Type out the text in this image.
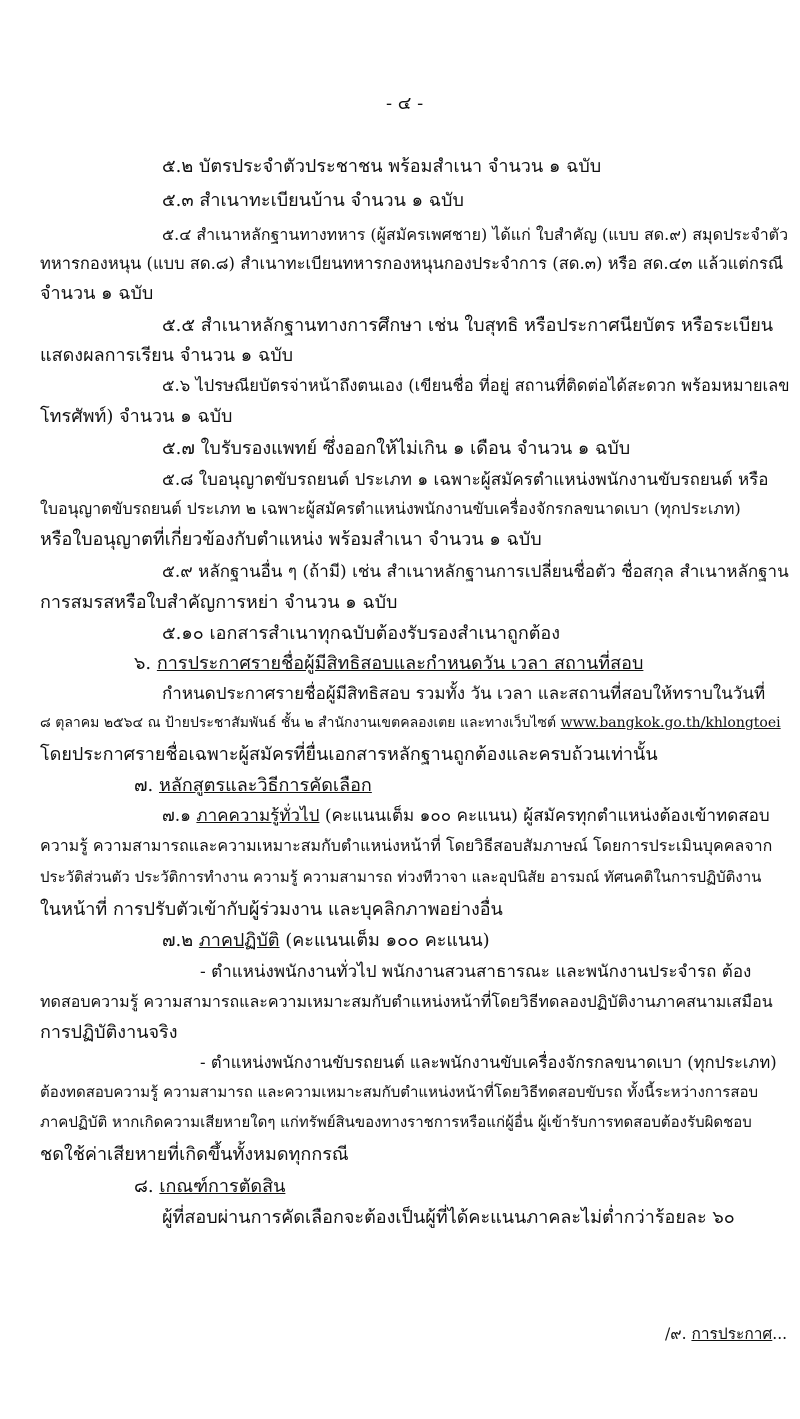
- ๔ -
๕.๒ บัตรประจำตัวประชาชน พร้อมสำเนา จำนวน ๑ ฉบับ
๕.๓ สำเนาทะเบียนบ้าน จำนวน ๑ ฉบับ
๕.๔ สำเนาหลักฐานทางทหาร (ผู้สมัครเพศชาย) ได้แก่ ใบสำคัญ (แบบ สด.๙) สมุดประจำตัว
ทหารกองหนุน (แบบ สด.๘) สำเนาทะเบียนทหารกองหนุนกองประจำการ (สด.๓) หรือ สด.๔๓ แล้วแต่กรณี
จำนวน ๑ ฉบับ
๕.๕ สำเนาหลักฐานทางการศึกษา เช่น ใบสุทธิ หรือประกาศนียบัตร หรือระเบียน
แสดงผลการเรียน จำนวน ๑ ฉบับ
๕.๖ ไปรษณียบัตรจ่าหน้าถึงตนเอง (เขียนชื่อ ที่อยู่ สถานที่ติดต่อได้สะดวก พร้อมหมายเลข
โทรศัพท์) จำนวน ๑ ฉบับ
๕.๗ ใบรับรองแพทย์ ซึ่งออกให้ไม่เกิน ๑ เดือน จำนวน ๑ ฉบับ
๕.๘ ใบอนุญาตขับรถยนต์ ประเภท ๑ เฉพาะผู้สมัครตำแหน่งพนักงานขับรถยนต์ หรือ
ใบอนุญาตขับรถยนต์ ประเภท ๒ เฉพาะผู้สมัครตำแหน่งพนักงานขับเครื่องจักรกลขนาดเบา (ทุกประเภท)
หรือใบอนุญาตที่เกี่ยวข้องกับตำแหน่ง พร้อมสำเนา จำนวน ๑ ฉบับ
๕.๙ หลักฐานอื่น ๆ (ถ้ามี) เช่น สำเนาหลักฐานการเปลี่ยนชื่อตัว ชื่อสกุล สำเนาหลักฐาน
การสมรสหรือใบสำคัญการหย่า จำนวน ๑ ฉบับ
๕.๑๐ เอกสารสำเนาทุกฉบับต้องรับรองสำเนาถูกต้อง
๖. การประกาศรายชื่อผู้มีสิทธิสอบและกำหนดวัน เวลา สถานที่สอบ
กำหนดประกาศรายชื่อผู้มีสิทธิสอบ รวมทั้ง วัน เวลา และสถานที่สอบให้ทราบในวันที่
๘ ตุลาคม ๒๕๖๔ ณ ป้ายประชาสัมพันธ์ ชั้น ๒ สำนักงานเขตคลองเตย และทางเว็บไซต์ www.bangkok.go.th/khlongtoei
โดยประกาศรายชื่อเฉพาะผู้สมัครที่ยื่นเอกสารหลักฐานถูกต้องและครบถ้วนเท่านั้น
๗. หลักสูตรและวิธีการคัดเลือก
๗.๑ ภาคความรู้ทั่วไป (คะแนนเต็ม ๑๐๐ คะแนน) ผู้สมัครทุกตำแหน่งต้องเข้าทดสอบ
ความรู้ ความสามารถและความเหมาะสมกับตำแหน่งหน้าที่ โดยวิธีสอบสัมภาษณ์ โดยการประเมินบุคคลจาก
ประวัติส่วนตัว ประวัติการทำงาน ความรู้ ความสามารถ ท่วงทีวาจา และอุปนิสัย อารมณ์ ทัศนคติในการปฏิบัติงาน
ในหน้าที่ การปรับตัวเข้ากับผู้ร่วมงาน และบุคลิกภาพอย่างอื่น
๗.๒ ภาคปฏิบัติ (คะแนนเต็ม ๑๐๐ คะแนน)
- ตำแหน่งพนักงานทั่วไป พนักงานสวนสาธารณะ และพนักงานประจำรถ ต้อง
ทดสอบความรู้ ความสามารถและความเหมาะสมกับตำแหน่งหน้าที่โดยวิธีทดลองปฏิบัติงานภาคสนามเสมือน
การปฏิบัติงานจริง
- ตำแหน่งพนักงานขับรถยนต์ และพนักงานขับเครื่องจักรกลขนาดเบา (ทุกประเภท)
ต้องทดสอบความรู้ ความสามารถ และความเหมาะสมกับตำแหน่งหน้าที่โดยวิธีทดสอบขับรถ ทั้งนี้ระหว่างการสอบ
ภาคปฏิบัติ หากเกิดความเสียหายใดๆ แก่ทรัพย์สินของทางราชการหรือแก่ผู้อื่น ผู้เข้ารับการทดสอบต้องรับผิดชอบ
ชดใช้ค่าเสียหายที่เกิดขึ้นทั้งหมดทุกกรณี
๘. เกณฑ์การตัดสิน
ผู้ที่สอบผ่านการคัดเลือกจะต้องเป็นผู้ที่ได้คะแนนภาคละไม่ต่ำกว่าร้อยละ ๖๐
/๙. การประกาศ...
